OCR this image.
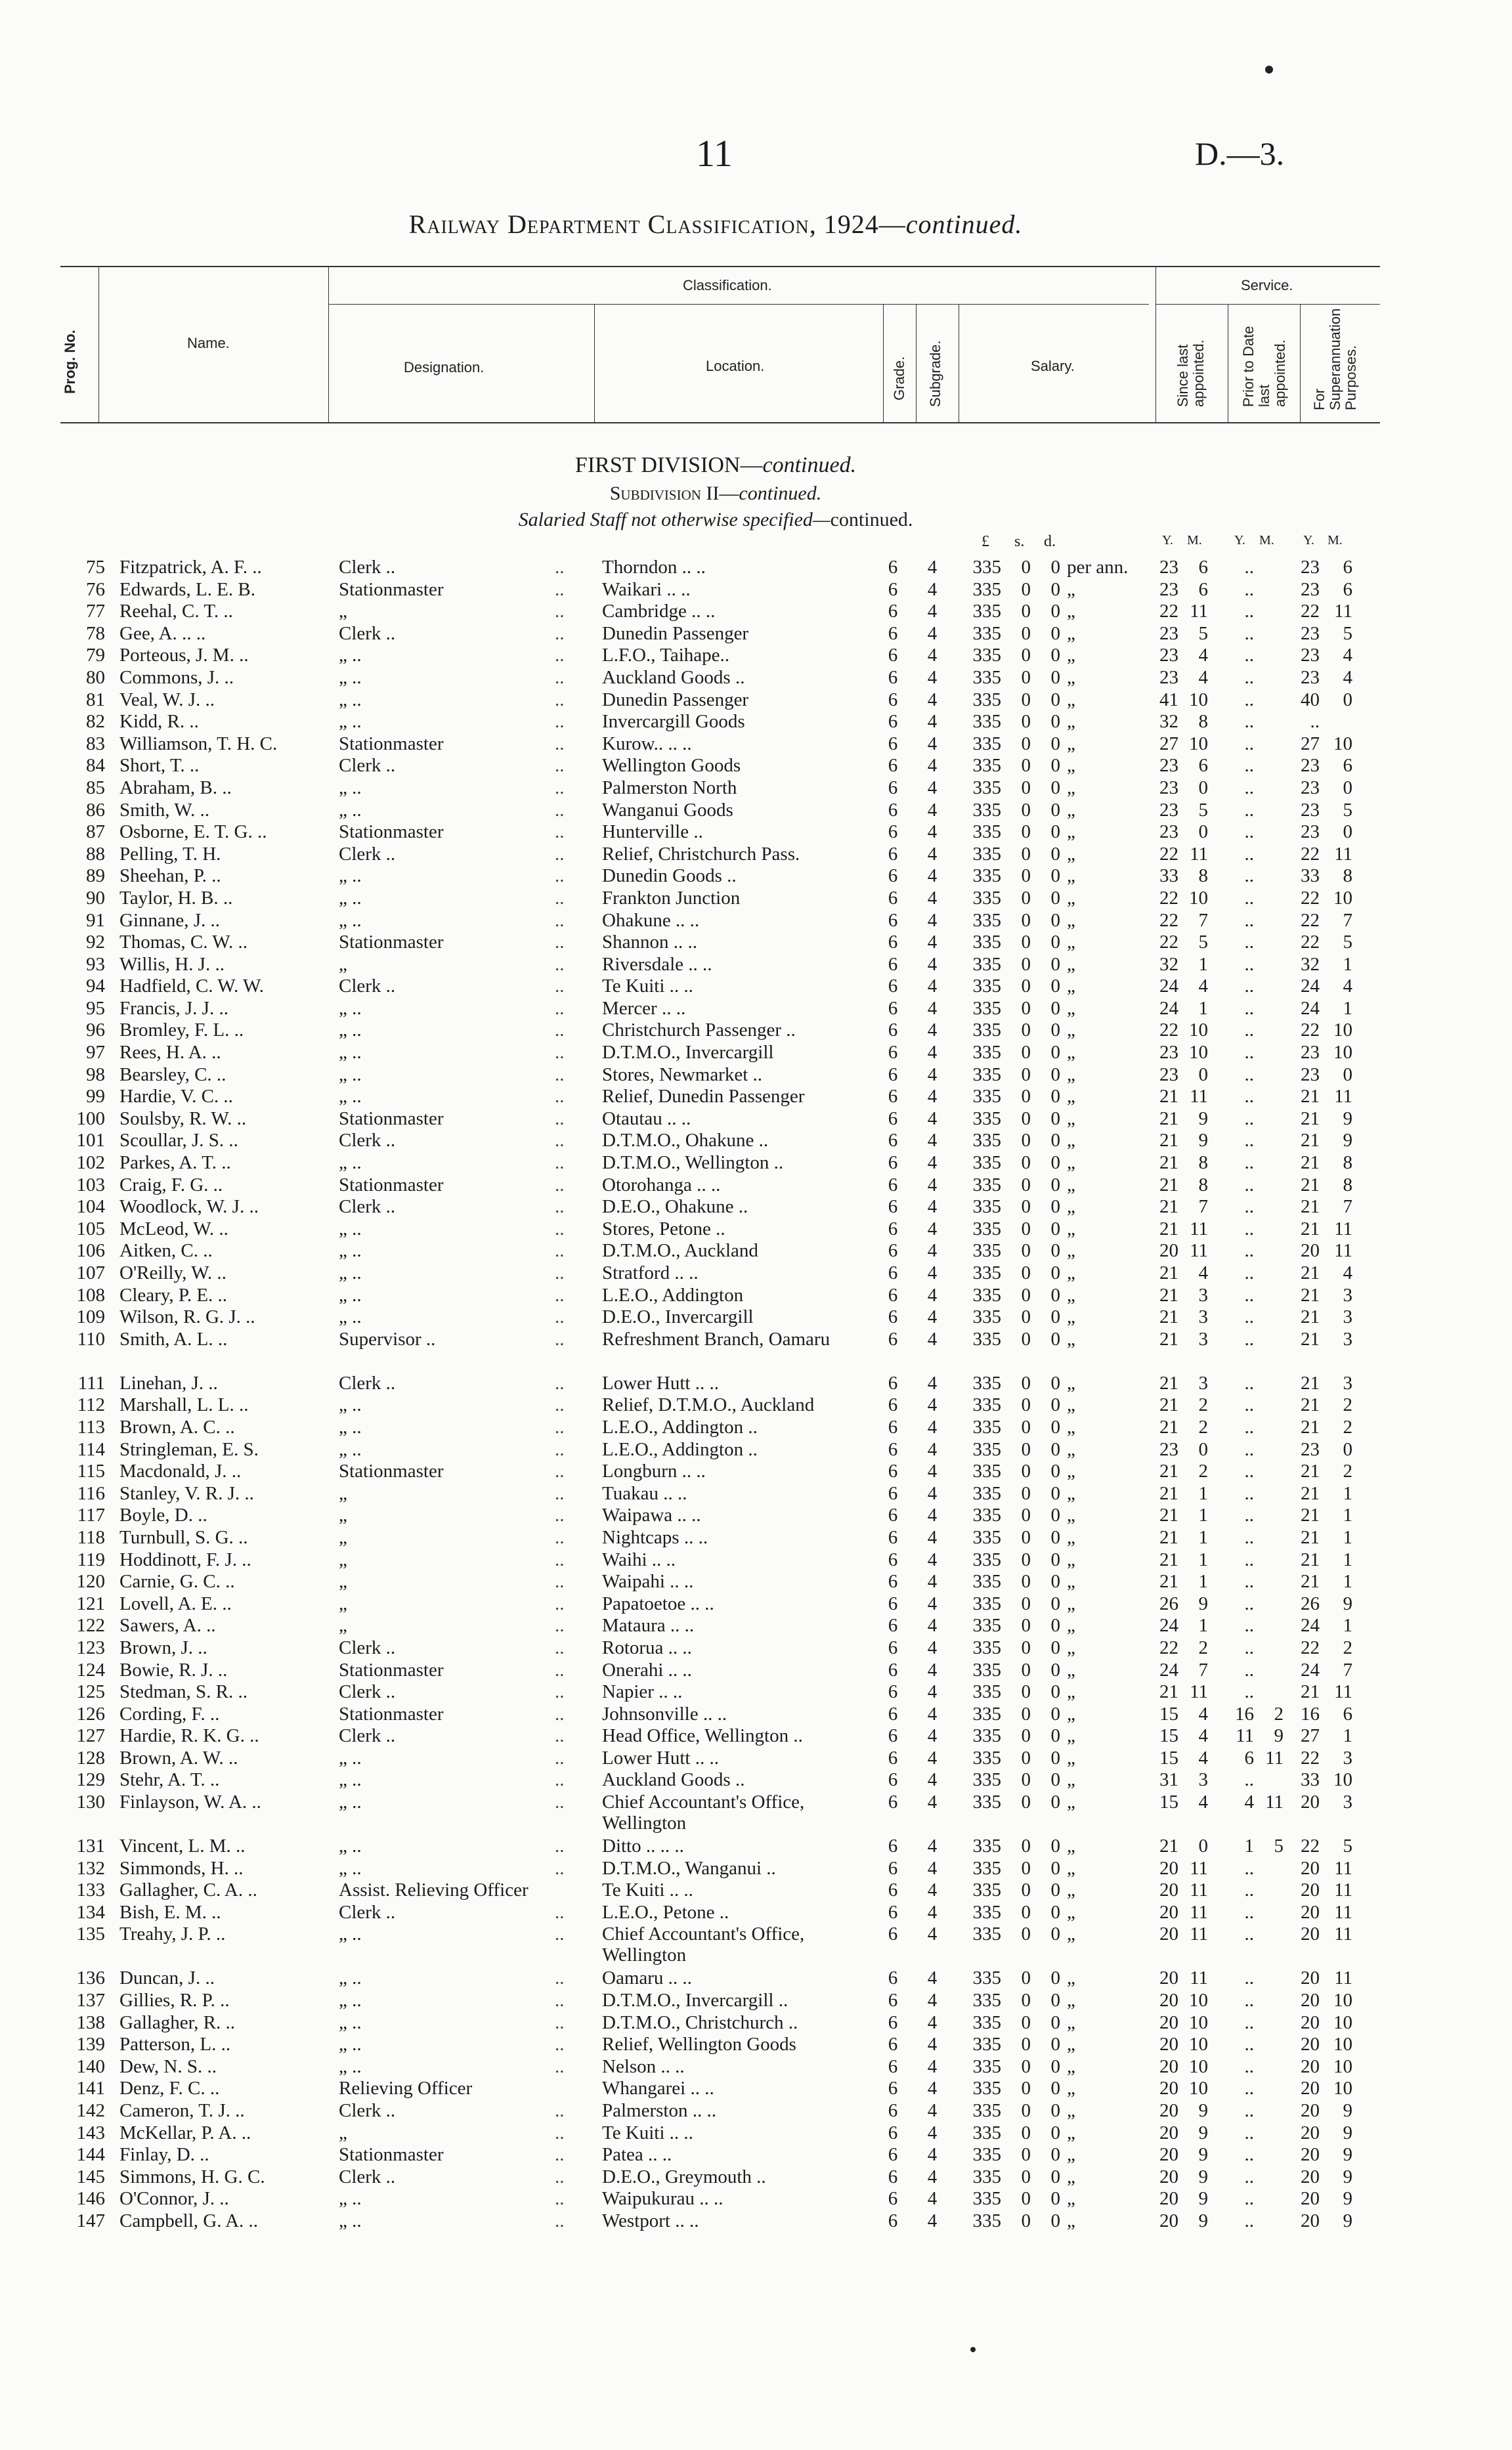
11	D.—3.
Railway Department Classification, 1924—continued.
Prog. No.	Name.
Classification.
Designation.	Location.	Grade. Subgrade.	Salary.
Service.
Since last appointed. Prior to Date last appointed. For Superannuation Purposes.
FIRST DIVISION—continued.
Subdivision II—continued.
Salaried Staff not otherwise specified—continued.
£ s. d.	Y. M. Y. M. Y. M.
75 Fitzpatrick, A. F. ..	Clerk ..	.. Thorndon .. ..	6 4	335	0	0 per ann.	23	6	..	23	6
76 Edwards, L. E. B.	Stationmaster	.. Waikari .. ..	6 4	335	0	0 „	23	6	..	23	6
77 Reehal, C. T. ..	„	.. Cambridge .. ..	6 4	335	0	0 „	22 11	..	22 11
78 Gee, A. .. ..	Clerk ..	.. Dunedin Passenger	6 4	335	0	0 „	23	5	..	23	5
79 Porteous, J. M. ..	„ ..	.. L.F.O., Taihape..	6 4	335	0	0 „	23	4	..	23	4
80 Commons, J. ..	„ ..	.. Auckland Goods ..	6 4	335	0	0 „	23	4	..	23	4
81 Veal, W. J. ..	„ ..	.. Dunedin Passenger	6 4	335	0	0 „	41 10	..	40	0
82 Kidd, R. ..	„ ..	.. Invercargill Goods	6 4	335	0	0 „	32	8	..	..
83 Williamson, T. H. C.	Stationmaster	.. Kurow.. .. ..	6 4	335	0	0 „	27 10	..	27 10
84 Short, T. ..	Clerk ..	.. Wellington Goods	6 4	335	0	0 „	23	6	..	23	6
85 Abraham, B. ..	„ ..	.. Palmerston North	6 4	335	0	0 „	23	0	..	23	0
86 Smith, W. ..	„ ..	.. Wanganui Goods	6 4	335	0	0 „	23	5	..	23	5
87 Osborne, E. T. G. ..	Stationmaster	.. Hunterville ..	6 4	335	0	0 „	23	0	..	23	0
88 Pelling, T. H.	Clerk ..	.. Relief, Christchurch Pass.	6 4	335	0	0 „	22 11	..	22 11
89 Sheehan, P. ..	„ ..	.. Dunedin Goods ..	6 4	335	0	0 „	33	8	..	33	8
90 Taylor, H. B. ..	„ ..	.. Frankton Junction	6 4	335	0	0 „	22 10	..	22 10
91 Ginnane, J. ..	„ ..	.. Ohakune .. ..	6 4	335	0	0 „	22	7	..	22	7
92 Thomas, C. W. ..	Stationmaster	.. Shannon .. ..	6 4	335	0	0 „	22	5	..	22	5
93 Willis, H. J. ..	„	.. Riversdale .. ..	6 4	335	0	0 „	32	1	..	32	1
94 Hadfield, C. W. W.	Clerk ..	.. Te Kuiti .. ..	6 4	335	0	0 „	24	4	..	24	4
95 Francis, J. J. ..	„ ..	.. Mercer .. ..	6 4	335	0	0 „	24	1	..	24	1
96 Bromley, F. L. ..	„ ..	.. Christchurch Passenger ..	6 4	335	0	0 „	22 10	..	22 10
97 Rees, H. A. ..	„ ..	.. D.T.M.O., Invercargill	6 4	335	0	0 „	23 10	..	23 10
98 Bearsley, C. ..	„ ..	.. Stores, Newmarket ..	6 4	335	0	0 „	23	0	..	23	0
99 Hardie, V. C. ..	„ ..	.. Relief, Dunedin Passenger	6 4	335	0	0 „	21 11	..	21 11
100 Soulsby, R. W. ..	Stationmaster	.. Otautau .. ..	6 4	335	0	0 „	21	9	..	21	9
101 Scoullar, J. S. ..	Clerk ..	.. D.T.M.O., Ohakune ..	6 4	335	0	0 „	21	9	..	21	9
102 Parkes, A. T. ..	„ ..	.. D.T.M.O., Wellington ..	6 4	335	0	0 „	21	8	..	21	8
103 Craig, F. G. ..	Stationmaster	.. Otorohanga .. ..	6 4	335	0	0 „	21	8	..	21	8
104 Woodlock, W. J. ..	Clerk ..	.. D.E.O., Ohakune ..	6 4	335	0	0 „	21	7	..	21	7
105 McLeod, W. ..	„ ..	.. Stores, Petone ..	6 4	335	0	0 „	21 11	..	21 11
106 Aitken, C. ..	„ ..	.. D.T.M.O., Auckland	6 4	335	0	0 „	20 11	..	20 11
107 O'Reilly, W. ..	„ ..	.. Stratford .. ..	6 4	335	0	0 „	21	4	..	21	4
108 Cleary, P. E. ..	„ ..	.. L.E.O., Addington	6 4	335	0	0 „	21	3	..	21	3
109 Wilson, R. G. J. ..	„ ..	.. D.E.O., Invercargill	6 4	335	0	0 „	21	3	..	21	3
110 Smith, A. L. ..	Supervisor ..	.. Refreshment Branch, Oamaru	6 4	335	0	0 „	21	3	..	21	3
111 Linehan, J. ..	Clerk ..	.. Lower Hutt .. ..	6 4	335	0	0 „	21	3	..	21	3
112 Marshall, L. L. ..	„ ..	.. Relief, D.T.M.O., Auckland	6 4	335	0	0 „	21	2	..	21	2
113 Brown, A. C. ..	„ ..	.. L.E.O., Addington ..	6 4	335	0	0 „	21	2	..	21	2
114 Stringleman, E. S.	„ ..	.. L.E.O., Addington ..	6 4	335	0	0 „	23	0	..	23	0
115 Macdonald, J. ..	Stationmaster	.. Longburn .. ..	6 4	335	0	0 „	21	2	..	21	2
116 Stanley, V. R. J. ..	„	.. Tuakau .. ..	6 4	335	0	0 „	21	1	..	21	1
117 Boyle, D. ..	„	.. Waipawa .. ..	6 4	335	0	0 „	21	1	..	21	1
118 Turnbull, S. G. ..	„	.. Nightcaps .. ..	6 4	335	0	0 „	21	1	..	21	1
119 Hoddinott, F. J. ..	„	.. Waihi .. ..	6 4	335	0	0 „	21	1	..	21	1
120 Carnie, G. C. ..	„	.. Waipahi .. ..	6 4	335	0	0 „	21	1	..	21	1
121 Lovell, A. E. ..	„	.. Papatoetoe .. ..	6 4	335	0	0 „	26	9	..	26	9
122 Sawers, A. ..	„	.. Mataura .. ..	6 4	335	0	0 „	24	1	..	24	1
123 Brown, J. ..	Clerk ..	.. Rotorua .. ..	6 4	335	0	0 „	22	2	..	22	2
124 Bowie, R. J. ..	Stationmaster	.. Onerahi .. ..	6 4	335	0	0 „	24	7	..	24	7
125 Stedman, S. R. ..	Clerk ..	.. Napier .. ..	6 4	335	0	0 „	21 11	..	21 11
126 Cording, F. ..	Stationmaster	.. Johnsonville .. ..	6 4	335	0	0 „	15	4	16	2 16	6
127 Hardie, R. K. G. ..	Clerk ..	.. Head Office, Wellington ..	6 4	335	0	0 „	15	4	11	9 27	1
128 Brown, A. W. ..	„ ..	.. Lower Hutt .. ..	6 4	335	0	0 „	15	4	6 11 22	3
129 Stehr, A. T. ..	„ ..	.. Auckland Goods ..	6 4	335	0	0 „	31	3	..	33 10
130 Finlayson, W. A. ..	„ ..	.. Chief Accountant's Office, Wellington
6 4	335	0	0 „	15	4	4 11 20	3
131 Vincent, L. M. ..	„ ..	.. Ditto .. .. ..	6 4	335	0	0 „	21	0	1	5 22	5
132 Simmonds, H. ..	„ ..	.. D.T.M.O., Wanganui ..	6 4	335	0	0 „	20 11	..	20 11
133 Gallagher, C. A. ..	Assist. Relieving Officer	Te Kuiti .. ..	6 4	335	0	0 „	20 11	..	20 11
134 Bish, E. M. ..	Clerk ..	.. L.E.O., Petone ..	6 4	335	0	0 „	20 11	..	20 11
135 Treahy, J. P. ..	„ ..	.. Chief Accountant's Office, Wellington
6 4	335	0	0 „	20 11	..	20 11
136 Duncan, J. ..	„ ..	.. Oamaru .. ..	6 4	335	0	0 „	20 11	..	20 11
137 Gillies, R. P. ..	„ ..	.. D.T.M.O., Invercargill ..	6 4	335	0	0 „	20 10	..	20 10
138 Gallagher, R. ..	„ ..	.. D.T.M.O., Christchurch ..	6 4	335	0	0 „	20 10	..	20 10
139 Patterson, L. ..	„ ..	.. Relief, Wellington Goods	6 4	335	0	0 „	20 10	..	20 10
140 Dew, N. S. ..	„ ..	.. Nelson .. ..	6 4	335	0	0 „	20 10	..	20 10
141 Denz, F. C. ..	Relieving Officer	Whangarei .. ..	6 4	335	0	0 „	20 10	..	20 10
142 Cameron, T. J. ..	Clerk ..	.. Palmerston .. ..	6 4	335	0	0 „	20	9	..	20	9
143 McKellar, P. A. ..	„	.. Te Kuiti .. ..	6 4	335	0	0 „	20	9	..	20	9
144 Finlay, D. ..	Stationmaster	.. Patea .. ..	6 4	335	0	0 „	20	9	..	20	9
145 Simmons, H. G. C.	Clerk ..	.. D.E.O., Greymouth ..	6 4	335	0	0 „	20	9	..	20	9
146 O'Connor, J. ..	„ ..	.. Waipukurau .. ..	6 4	335	0	0 „	20	9	..	20	9
147 Campbell, G. A. ..	„ ..	.. Westport .. ..	6 4	335	0	0 „	20	9	..	20	9
